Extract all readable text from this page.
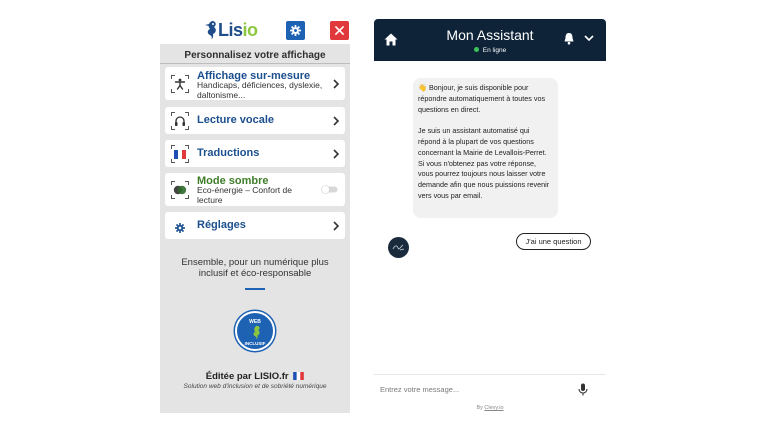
Lis io
Personnalisez votre affichage
Affichage sur-mesure
Handicaps, déficiences, dyslexie, daltonisme...
Lecture vocale
Traductions
Mode sombre
Eco-énergie – Confort de lecture
Réglages
Ensemble, pour un numérique plus inclusif et éco-responsable
WEB
INCLUSIF
Éditée par LISIO.fr
Solution web d'inclusion et de sobriété numérique
Mon Assistant
En ligne

👋 Bonjour, je suis disponible pour répondre automatiquement à toutes vos questions en direct.

Je suis un assistant automatisé qui répond à la plupart de vos questions concernant la Mairie de Levallois-Perret. Si vous n'obtenez pas votre réponse, vous pourrez toujours nous laisser votre demande afin que nous puissions revenir vers vous par email.

J'ai une question
Entrez votre message...
By Clevy.io
